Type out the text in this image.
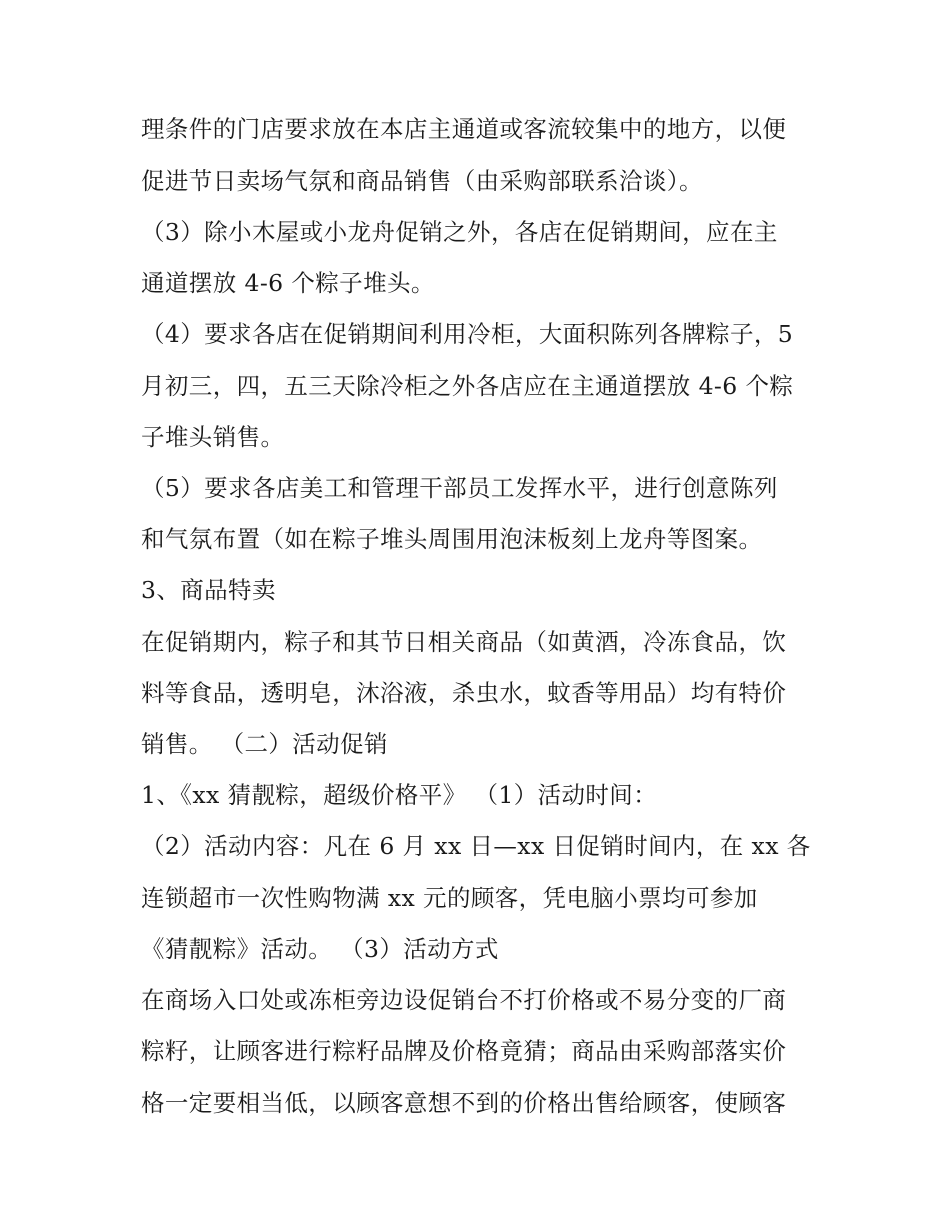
理条件的门店要求放在本店主通道或客流较集中的地方，以便
促进节日卖场气氛和商品销售（由采购部联系洽谈）。
（3）除小木屋或小龙舟促销之外，各店在促销期间，应在主
通道摆放 4-6 个粽子堆头。
（4）要求各店在促销期间利用冷柜，大面积陈列各牌粽子，5
月初三，四，五三天除冷柜之外各店应在主通道摆放 4-6 个粽
子堆头销售。
（5）要求各店美工和管理干部员工发挥水平，进行创意陈列
和气氛布置（如在粽子堆头周围用泡沫板刻上龙舟等图案。
3、商品特卖
在促销期内，粽子和其节日相关商品（如黄酒，冷冻食品，饮
料等食品，透明皂，沐浴液，杀虫水，蚊香等用品）均有特价
销售。 （二）活动促销
1、《xx 猜靓粽，超级价格平》 （1）活动时间：
（2）活动内容：凡在 6 月 xx 日—xx 日促销时间内，在 xx 各
连锁超市一次性购物满 xx 元的顾客，凭电脑小票均可参加
《猜靓粽》活动。 （3）活动方式
在商场入口处或冻柜旁边设促销台不打价格或不易分变的厂商
粽籽，让顾客进行粽籽品牌及价格竟猜；商品由采购部落实价
格一定要相当低，以顾客意想不到的价格出售给顾客，使顾客
